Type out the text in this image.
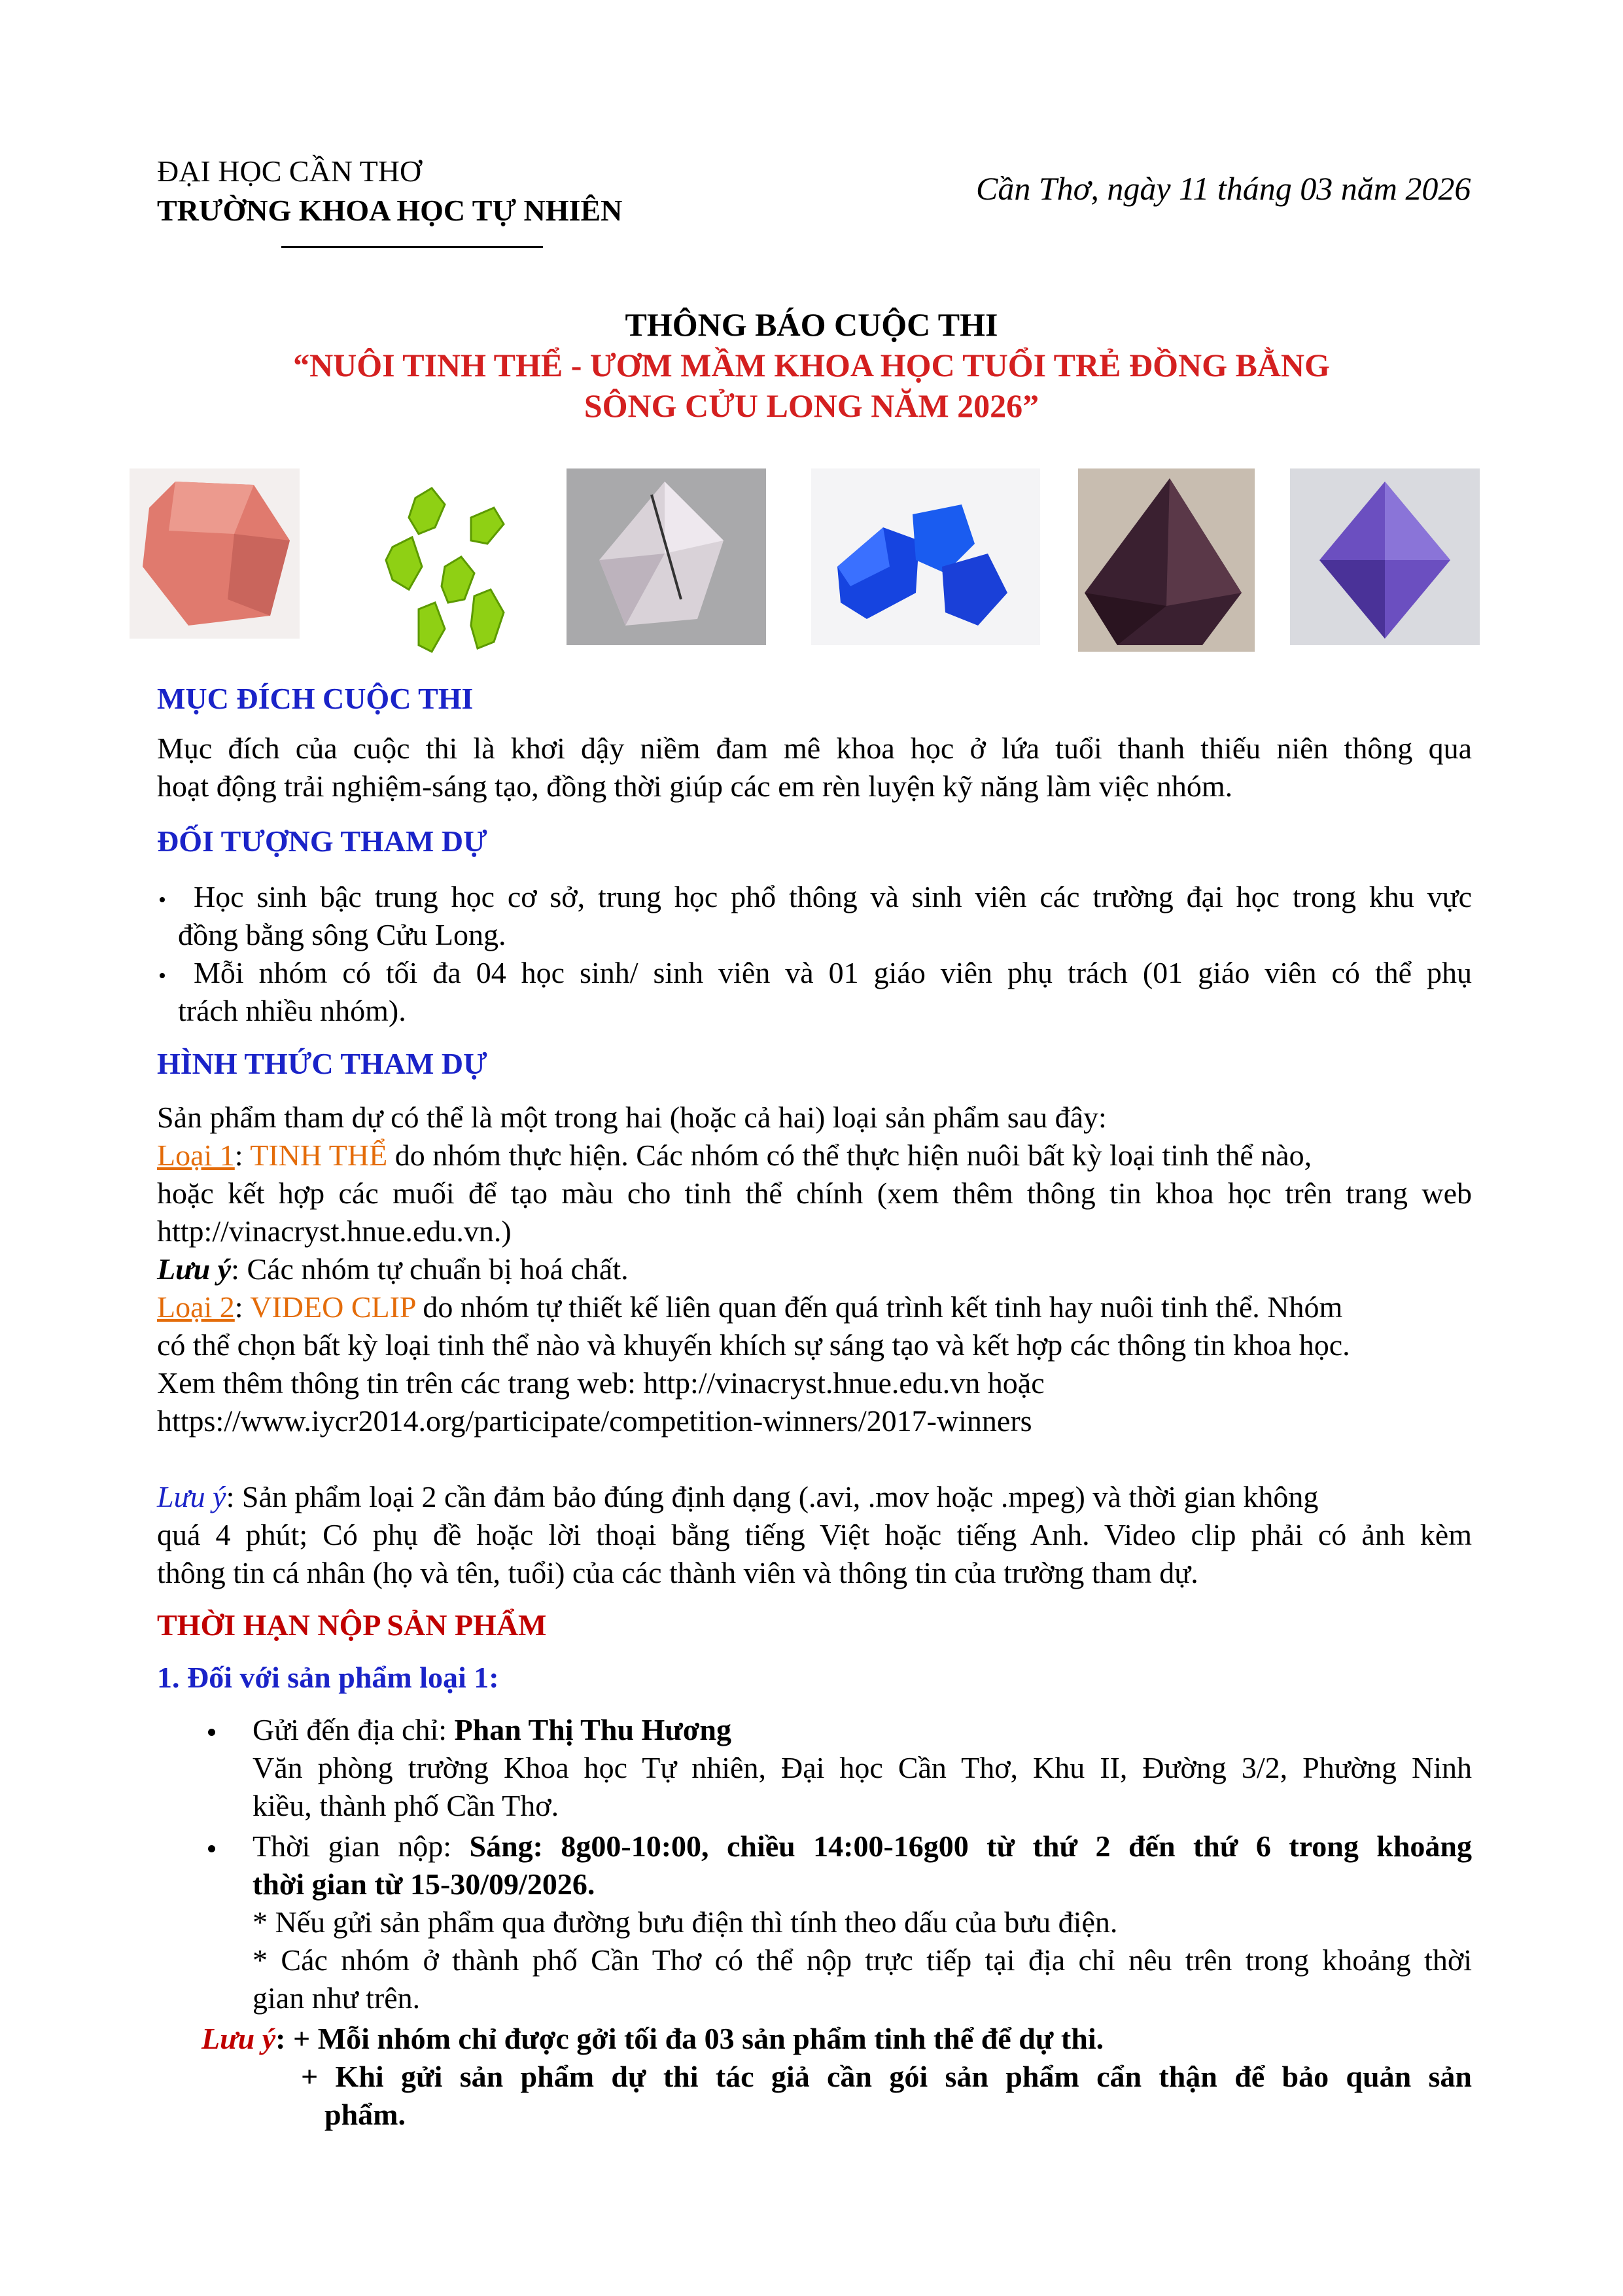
ĐẠI HỌC CẦN THƠ
TRƯỜNG KHOA HỌC TỰ NHIÊN
Cần Thơ, ngày 11 tháng 03 năm 2026
THÔNG BÁO CUỘC THI
“NUÔI TINH THỂ - ƯƠM MẦM KHOA HỌC TUỔI TRẺ ĐỒNG BẰNG
SÔNG CỬU LONG NĂM 2026”
MỤC ĐÍCH CUỘC THI
Mục đích của cuộc thi là khơi dậy niềm đam mê khoa học ở lứa tuổi thanh thiếu niên thông qua
hoạt động trải nghiệm-sáng tạo, đồng thời giúp các em rèn luyện kỹ năng làm việc nhóm.
ĐỐI TƯỢNG THAM DỰ
Học sinh bậc trung học cơ sở, trung học phổ thông và sinh viên các trường đại học trong khu vực
đồng bằng sông Cửu Long.
Mỗi nhóm có tối đa 04 học sinh/ sinh viên và 01 giáo viên phụ trách (01 giáo viên có thể phụ
trách nhiều nhóm).
HÌNH THỨC THAM DỰ
Sản phẩm tham dự có thể là một trong hai (hoặc cả hai) loại sản phẩm sau đây:
Loại 1: TINH THỂ do nhóm thực hiện. Các nhóm có thể thực hiện nuôi bất kỳ loại tinh thể nào,
hoặc kết hợp các muối để tạo màu cho tinh thể chính (xem thêm thông tin khoa học trên trang web
http://vinacryst.hnue.edu.vn.)
Lưu ý: Các nhóm tự chuẩn bị hoá chất.
Loại 2: VIDEO CLIP do nhóm tự thiết kế liên quan đến quá trình kết tinh hay nuôi tinh thể. Nhóm
có thể chọn bất kỳ loại tinh thể nào và khuyến khích sự sáng tạo và kết hợp các thông tin khoa học.
Xem thêm thông tin trên các trang web: http://vinacryst.hnue.edu.vn hoặc
https://www.iycr2014.org/participate/competition-winners/2017-winners
Lưu ý: Sản phẩm loại 2 cần đảm bảo đúng định dạng (.avi, .mov hoặc .mpeg) và thời gian không
quá 4 phút; Có phụ đề hoặc lời thoại bằng tiếng Việt hoặc tiếng Anh. Video clip phải có ảnh kèm
thông tin cá nhân (họ và tên, tuổi) của các thành viên và thông tin của trường tham dự.
THỜI HẠN NỘP SẢN PHẨM
1. Đối với sản phẩm loại 1:
Gửi đến địa chỉ: Phan Thị Thu Hương
Văn phòng trường Khoa học Tự nhiên, Đại học Cần Thơ, Khu II, Đường 3/2, Phường Ninh
kiều, thành phố Cần Thơ.
Thời gian nộp: Sáng: 8g00-10:00, chiều 14:00-16g00 từ thứ 2 đến thứ 6 trong khoảng
thời gian từ 15-30/09/2026.
* Nếu gửi sản phẩm qua đường bưu điện thì tính theo dấu của bưu điện.
* Các nhóm ở thành phố Cần Thơ có thể nộp trực tiếp tại địa chỉ nêu trên trong khoảng thời
gian như trên.
Lưu ý: + Mỗi nhóm chỉ được gởi tối đa 03 sản phẩm tinh thể để dự thi.
+ Khi gửi sản phẩm dự thi tác giả cần gói sản phẩm cẩn thận để bảo quản sản
phẩm.
